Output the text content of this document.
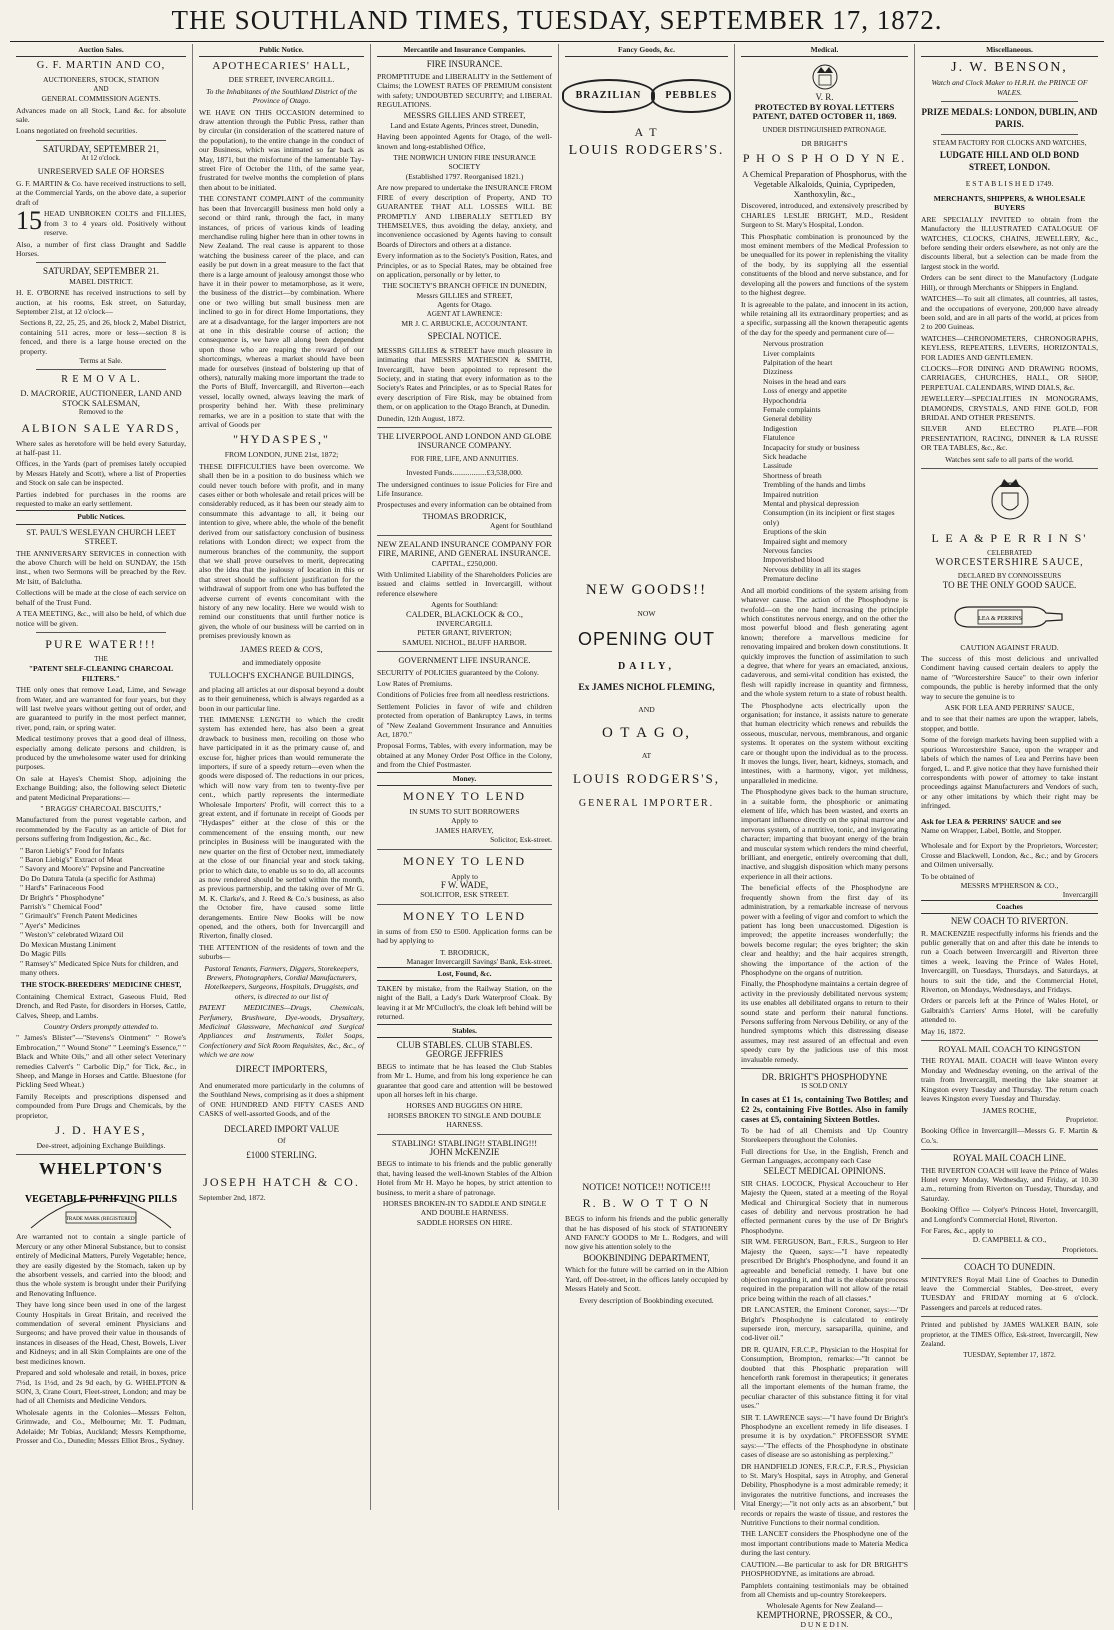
THE SOUTHLAND TIMES, TUESDAY, SEPTEMBER 17, 1872.
Auction Sales.
G. F. MARTIN AND CO,
AUCTIONEERS, STOCK, STATION
AND
GENERAL COMMISSION AGENTS.

Advances made on all Stock, Land &c. for absolute sale.

Loans negotiated on freehold securities.

SATURDAY, SEPTEMBER 21,
At 12 o'clock.
UNRESERVED SALE OF HORSES

G. F. MARTIN & Co. have received instructions to sell, at the Commercial Yards, on the above date, a superior draft of

15 HEAD UNBROKEN COLTS and FILLIES, from 3 to 4 years old. Positively without reserve.

Also, a number of first class Draught and Saddle Horses.

SATURDAY, SEPTEMBER 21.
MABEL DISTRICT.

H. E. O'BORNE has received instructions to sell by auction, at his rooms, Esk street, on Saturday, September 21st, at 12 o'clock—

Sections 8, 22, 25, 25, and 26, block 2, Mabel District, containing 511 acres, more or less—section 8 is fenced, and there is a large house erected on the property.

Terms at Sale.
R E M O V A L.
D. MACRORIE, AUCTIONEER, LAND AND STOCK SALESMAN,
Removed to the
ALBION SALE YARDS,

Where sales as heretofore will be held every Saturday, at half-past 11.

Offices, in the Yards (part of premises lately occupied by Messrs Hately and Scott), where a list of Properties and Stock on sale can be inspected.

Parties indebted for purchases in the rooms are requested to make an early settlement.

Public Notices.
ST. PAUL'S WESLEYAN CHURCH LEET STREET.

THE ANNIVERSARY SERVICES in connection with the above Church will be held on SUNDAY, the 15th inst., when two Sermons will be preached by the Rev. Mr Isitt, of Balclutha.

Collections will be made at the close of each service on behalf of the Trust Fund.

A TEA MEETING, &c., will also be held, of which due notice will be given.

PURE WATER!!!
THE
"PATENT SELF-CLEANING CHARCOAL FILTERS."

THE only ones that remove Lead, Lime, and Sewage from Water, and are warranted for four years, but they will last twelve years without getting out of order, and are guaranteed to purify in the most perfect manner, river, pond, rain, or spring water.

Medical testimony proves that a good deal of illness, especially among delicate persons and children, is produced by the unwholesome water used for drinking purposes.

On sale at Hayes's Chemist Shop, adjoining the Exchange Building; also, the following select Dietetic and patent Medicinal Preparations:—

" BRAGGS' CHARCOAL BISCUITS,"

Manufactured from the purest vegetable carbon, and recommended by the Faculty as an article of Diet for persons suffering from Indigestion, &c., &c.

" Baron Liebig's" Food for Infants
" Baron Liebig's" Extract of Meat
" Savory and Moore's" Pepsine and Pancreatine
Do Do Datura Tatula (a specific for Asthma)
" Hard's" Farinaceous Food
Dr Bright's " Phosphodyne"
Parrish's " Chemical Food"
" Grimault's" French Patent Medicines
" Ayer's" Medicines
" Weston's" celebrated Wizard Oil
Do Mexican Mustang Liniment
Do Magic Pills
" Ramsey's" Medicated Spice Nuts for children, and many others.
THE STOCK-BREEDERS' MEDICINE CHEST,

Containing Chemical Extract, Gaseous Fluid, Red Drench, and Red Paste, for disorders in Horses, Cattle, Calves, Sheep, and Lambs.

Country Orders promptly attended to.

" James's Blister"—"Stevens's Ointment" " Rowe's Embrocation," " Wound Stone" " Leeming's Essence," " Black and White Oils," and all other select Veterinary remedies Calvert's " Carbolic Dip," for Tick, &c., in Sheep, and Mange in Horses and Cattle. Bluestone (for Pickling Seed Wheat.)

Family Receipts and prescriptions dispensed and compounded from Pure Drugs and Chemicals, by the proprietor,

J. D. HAYES,
Dee-street, adjoining Exchange Buildings.
WHELPTON'S
VEGETABLE PURIFYING PILLS
TRADE MARK (REGISTERED)

Are warranted not to contain a single particle of Mercury or any other Mineral Substance, but to consist entirely of Medicinal Matters, Purely Vegetable; hence, they are easily digested by the Stomach, taken up by the absorbent vessels, and carried into the blood; and thus the whole system is brought under their Purifying and Renovating Influence.

They have long since been used in one of the largest County Hospitals in Great Britain, and received the commendation of several eminent Physicians and Surgeons; and have proved their value in thousands of instances in diseases of the Head, Chest, Bowels, Liver and Kidneys; and in all Skin Complaints are one of the best medicines known.

Prepared and sold wholesale and retail, in boxes, price 7½d, 1s 1½d, and 2s 9d each, by G. WHELPTON & SON, 3, Crane Court, Fleet-street, London; and may be had of all Chemists and Medicine Vendors.

Wholesale agents in the Colonies—Messrs Felton, Grimwade, and Co., Melbourne; Mr. T. Pudman, Adelaide; Mr Tobias, Auckland; Messrs Kempthorne, Prosser and Co., Dunedin; Messrs Elliot Bros., Sydney.

Public Notice.
APOTHECARIES' HALL,
DEE STREET, INVERCARGILL.

To the Inhabitants of the Southland District of the Province of Otago.

WE HAVE ON THIS OCCASION determined to draw attention through the Public Press, rather than by circular (in consideration of the scattered nature of the population), to the entire change in the conduct of our Business, which was intimated so far back as May, 1871, but the misfortune of the lamentable Tay-street Fire of October the 11th, of the same year, frustrated for twelve months the completion of plans then about to be initiated.

THE CONSTANT COMPLAINT of the community has been that Invercargill business men hold only a second or third rank, through the fact, in many instances, of prices of various kinds of leading merchandise ruling higher here than in other towns in New Zealand. The real cause is apparent to those watching the business career of the place, and can easily be put down in a great measure to the fact that there is a large amount of jealousy amongst those who have it in their power to metamorphose, as it were, the business of the district—by combination. Where one or two willing but small business men are inclined to go in for direct Home Importations, they are at a disadvantage, for the larger importers are not at one in this desirable course of action; the consequence is, we have all along been dependent upon those who are reaping the reward of our shortcomings, whereas a market should have been made for ourselves (instead of bolstering up that of others), naturally making more important the trade to the Ports of Bluff, Invercargill, and Riverton—each vessel, locally owned, always leaving the mark of prosperity behind her. With these preliminary remarks, we are in a position to state that with the arrival of Goods per

"HYDASPES,"
FROM LONDON, JUNE 21st, 1872;

THESE DIFFICULTIES have been overcome. We shall then be in a position to do business which we could never touch before with profit, and in many cases either or both wholesale and retail prices will be considerably reduced, as it has been our steady aim to consummate this advantage to all, it being our intention to give, where able, the whole of the benefit derived from our satisfactory conclusion of business relations with London direct; we expect from the numerous branches of the community, the support that we shall prove ourselves to merit, deprecating also the idea that the jealousy of location in this or that street should be sufficient justification for the withdrawal of support from one who has buffeted the adverse current of events concomitant with the history of any new locality. Here we would wish to remind our constituents that until further notice is given, the whole of our business will be carried on in premises previously known as

JAMES REED & CO'S,
and immediately opposite
TULLOCH'S EXCHANGE BUILDINGS,

and placing all articles at our disposal beyond a doubt as to their genuineness, which is always regarded as a boon in our particular line.

THE IMMENSE LENGTH to which the credit system has extended here, has also been a great drawback to business men, recoiling on those who have participated in it as the primary cause of, and excuse for, higher prices than would remunerate the importers, if sure of a speedy return—even when the goods were disposed of. The reductions in our prices, which will now vary from ten to twenty-five per cent., which partly represents the intermediate Wholesale Importers' Profit, will correct this to a great extent, and if fortunate in receipt of Goods per "Hydaspes" either at the close of this or the commencement of the ensuing month, our new principles in Business will be inaugurated with the new quarter on the first of October next, immediately at the close of our financial year and stock taking, prior to which date, to enable us so to do, all accounts as now rendered should be settled within the month, as previous partnership, and the taking over of Mr G. M. K. Clarke's, and J. Reed & Co.'s business, as also the October fire, have caused some little derangements. Entire New Books will be now opened, and the others, both for Invercargill and Riverton, finally closed.

THE ATTENTION of the residents of town and the suburbs—

Pastoral Tenants, Farmers, Diggers, Storekeepers, Brewers, Photographers, Cordial Manufacturers, Hotelkeepers, Surgeons, Hospitals, Druggists, and others, is directed to our list of

PATENT MEDICINES—Drugs, Chemicals, Perfumery, Brushware, Dye-woods, Drysaltery, Medicinal Glassware, Mechanical and Surgical Appliances and Instruments, Toilet Soaps, Confectionery and Sick Room Requisites, &c., &c., of which we are now

DIRECT IMPORTERS,

And enumerated more particularly in the columns of the Southland News, comprising as it does a shipment of ONE HUNDRED AND FIFTY CASES AND CASKS of well-assorted Goods, and of the

DECLARED IMPORT VALUE
Of
£1000 STERLING.
JOSEPH HATCH & CO.
September 2nd, 1872.
Mercantile and Insurance Companies.
FIRE INSURANCE.

PROMPTITUDE and LIBERALITY in the Settlement of Claims; the LOWEST RATES OF PREMIUM consistent with safety; UNDOUBTED SECURITY; and LIBERAL REGULATIONS.

MESSRS GILLIES AND STREET,
Land and Estate Agents, Princes street, Dunedin,

Having been appointed Agents for Otago, of the well-known and long-established Office,

THE NORWICH UNION FIRE INSURANCE SOCIETY
(Established 1797. Reorganised 1821.)

Are now prepared to undertake the INSURANCE FROM FIRE of every description of Property, AND TO GUARANTEE THAT ALL LOSSES WILL BE PROMPTLY AND LIBERALLY SETTLED BY THEMSELVES, thus avoiding the delay, anxiety, and inconvenience occasioned by Agents having to consult Boards of Directors and others at a distance.

Every information as to the Society's Position, Rates, and Principles, or as to Special Rates, may be obtained free on application, personally or by letter, to

THE SOCIETY'S BRANCH OFFICE IN DUNEDIN,
Messrs GILLIES and STREET,
Agents for Otago.
AGENT AT LAWRENCE:
MR J. C. ARBUCKLE, ACCOUNTANT.
SPECIAL NOTICE.

MESSRS GILLIES & STREET have much pleasure in intimating that MESSRS MATHESON & SMITH, Invercargill, have been appointed to represent the Society, and in stating that every information as to the Society's Rates and Principles, or as to Special Rates for every description of Fire Risk, may be obtained from them, or on application to the Otago Branch, at Dunedin.

Dunedin, 12th August, 1872.
THE LIVERPOOL AND LONDON AND GLOBE INSURANCE COMPANY.
FOR FIRE, LIFE, AND ANNUITIES.
Invested Funds..................£3,538,000.

The undersigned continues to issue Policies for Fire and Life Insurance.

Prospectuses and every information can be obtained from

THOMAS BRODRICK,
Agent for Southland
NEW ZEALAND INSURANCE COMPANY FOR FIRE, MARINE, AND GENERAL INSURANCE.
CAPITAL, £250,000.

With Unlimited Liability of the Shareholders Policies are issued and claims settled in Invercargill, without reference elsewhere

Agents for Southland:
CALDER, BLACKLOCK & CO.,
INVERCARGILL
PETER GRANT, RIVERTON;
SAMUEL NICHOL, BLUFF HARBOR.
GOVERNMENT LIFE INSURANCE.

SECURITY of POLICIES guaranteed by the Colony.

Low Rates of Premiums.

Conditions of Policies free from all needless restrictions.

Settlement Policies in favor of wife and children protected from operation of Bankruptcy Laws, in terms of "New Zealand Government Insurance and Annuities Act, 1870."

Proposal Forms, Tables, with every information, may be obtained at any Money Order Post Office in the Colony, and from the Chief Postmaster.

Money.
MONEY TO LEND
IN SUMS TO SUIT BORROWERS
Apply to
JAMES HARVEY,
Solicitor, Esk-street.
MONEY TO LEND
Apply to
F W. WADE,
SOLICITOR, ESK STREET.
MONEY TO LEND

in sums of from £50 to £500. Application forms can be had by applying to

T. BRODRICK,
Manager Invercargill Savings' Bank, Esk-street.
Lost, Found, &c.

TAKEN by mistake, from the Railway Station, on the night of the Ball, a Lady's Dark Waterproof Cloak. By leaving it at Mr M'Culloch's, the cloak left behind will be returned.

Stables.
CLUB STABLES. CLUB STABLES.
GEORGE JEFFRIES

BEGS to intimate that he has leased the Club Stables from Mr L. Hume, and from his long experience he can guarantee that good care and attention will be bestowed upon all horses left in his charge.

HORSES AND BUGGIES ON HIRE.
HORSES BROKEN TO SINGLE AND DOUBLE HARNESS.
STABLING! STABLING!! STABLING!!!
JOHN McKENZIE

BEGS to intimate to his friends and the public generally that, having leased the well-known Stables of the Albion Hotel from Mr H. Mayo he hopes, by strict attention to business, to merit a share of patronage.

HORSES BROKEN-IN TO SADDLE AND SINGLE AND DOUBLE HARNESS.
SADDLE HORSES ON HIRE.
Fancy Goods, &c.
BRAZILIAN	PEBBLES
A T
LOUIS RODGERS'S.
NEW GOODS!!
NOW
OPENING OUT
DAILY,
Ex JAMES NICHOL FLEMING,
AND
O T A G O,
AT
LOUIS RODGERS'S,
GENERAL IMPORTER.
NOTICE! NOTICE!! NOTICE!!!
R. B. W O T T O N

BEGS to inform his friends and the public generally that he has disposed of his stock of STATIONERY AND FANCY GOODS to Mr L. Rodgers, and will now give his attention solely to the

BOOKBINDING DEPARTMENT,

Which for the future will be carried on in the Albion Yard, off Dee-street, in the offices lately occupied by Messrs Hately and Scott.

Every description of Bookbinding executed.
Medical.
V. R.
PROTECTED BY ROYAL LETTERS PATENT, DATED OCTOBER 11, 1869.
UNDER DISTINGUISHED PATRONAGE.
DR BRIGHT'S
P H O S P H O D Y N E.

A Chemical Preparation of Phosphorus, with the Vegetable Alkaloids, Quinia, Cypripeden, Xanthoxylin, &c.,

Discovered, introduced, and extensively prescribed by CHARLES LESLIE BRIGHT, M.D., Resident Surgeon to St. Mary's Hospital, London.

This Phosphatic combination is pronounced by the most eminent members of the Medical Profession to be unequalled for its power in replenishing the vitality of the body, by its supplying all the essential constituents of the blood and nerve substance, and for developing all the powers and functions of the system to the highest degree.

It is agreeable to the palate, and innocent in its action, while retaining all its extraordinary properties; and as a specific, surpassing all the known therapeutic agents of the day for the speedy and permanent cure of—

Nervous prostration
Liver complaints
Palpitation of the heart
Dizziness
Noises in the head and ears
Loss of energy and appetite
Hypochondria
Female complaints
General debility
Indigestion
Flatulence
Incapacity for study or business
Sick headache
Lassitude
Shortness of breath
Trembling of the hands and limbs
Impaired nutrition
Mental and physical depression
Consumption (in its incipient or first stages only)
Eruptions of the skin
Impaired sight and memory
Nervous fancies
Impoverished blood
Nervous debility in all its stages
Premature decline

And all morbid conditions of the system arising from whatever cause. The action of the Phosphodyne is twofold—on the one hand increasing the principle which constitutes nervous energy, and on the other the most powerful blood and flesh generating agent known; therefore a marvellous medicine for renovating impaired and broken down constitutions. It quickly improves the function of assimilation to such a degree, that where for years an emaciated, anxious, cadaverous, and semi-vital condition has existed, the flesh will rapidly increase in quantity and firmness, and the whole system return to a state of robust health.

The Phosphodyne acts electrically upon the organisation; for instance, it assists nature to generate that human electricity which renews and rebuilds the osseous, muscular, nervous, membranous, and organic systems. It operates on the system without exciting care or thought upon the individual as to the process. It moves the lungs, liver, heart, kidneys, stomach, and intestines, with a harmony, vigor, yet mildness, unparalleled in medicine.

The Phosphodyne gives back to the human structure, in a suitable form, the phosphoric or animating element of life, which has been wasted, and exerts an important influence directly on the spinal marrow and nervous system, of a nutritive, tonic, and invigorating character; imparting that buoyant energy of the brain and muscular system which renders the mind cheerful, brilliant, and energetic, entirely overcoming that dull, inactive, and sluggish disposition which many persons experience in all their actions.

The beneficial effects of the Phosphodyne are frequently shown from the first day of its administration, by a remarkable increase of nervous power with a feeling of vigor and comfort to which the patient has long been unaccustomed. Digestion is improved; the appetite increases wonderfully; the bowels become regular; the eyes brighter; the skin clear and healthy; and the hair acquires strength, showing the importance of the action of the Phosphodyne on the organs of nutrition.

Finally, the Phosphodyne maintains a certain degree of activity in the previously debilitated nervous system; its use enables all debilitated organs to return to their sound state and perform their natural functions. Persons suffering from Nervous Debility, or any of the hundred symptoms which this distressing disease assumes, may rest assured of an effectual and even speedy cure by the judicious use of this most invaluable remedy.

DR. BRIGHT'S PHOSPHODYNE
IS SOLD ONLY

In cases at £1 1s, containing Two Bottles; and £2 2s, containing Five Bottles. Also in family cases at £5, containing Sixteen Bottles.

To be had of all Chemists and Up Country Storekeepers throughout the Colonies.

Full directions for Use, in the English, French and German Languages, accompany each Case

SELECT MEDICAL OPINIONS.

SIR CHAS. LOCOCK, Physical Accoucheur to Her Majesty the Queen, stated at a meeting of the Royal Medical and Chirurgical Society that in numerous cases of debility and nervous prostration he had effected permanent cures by the use of Dr Bright's Phosphodyne.

SIR WM. FERGUSON, Bart., F.R.S., Surgeon to Her Majesty the Queen, says:—"I have repeatedly prescribed Dr Bright's Phosphodyne, and found it an agreeable and beneficial remedy. I have but one objection regarding it, and that is the elaborate process required in the preparation will not allow of the retail price being within the reach of all classes."

DR LANCASTER, the Eminent Coroner, says:—"Dr Bright's Phosphodyne is calculated to entirely supersede iron, mercury, sarsaparilla, quinine, and cod-liver oil."

DR R. QUAIN, F.R.C.P., Physician to the Hospital for Consumption, Brompton, remarks:—"It cannot be doubted that this Phosphatic preparation will henceforth rank foremost in therapeutics; it generates all the important elements of the human frame, the peculiar character of this substance fitting it for vital uses."

SIR T. LAWRENCE says:—"I have found Dr Bright's Phosphodyne an excellent remedy in life diseases. I presume it is by oxydation." PROFESSOR SYME says:—"The effects of the Phosphodyne in obstinate cases of disease are so astonishing as perplexing."

DR HANDFIELD JONES, F.R.C.P., F.R.S., Physician to St. Mary's Hospital, says in Atrophy, and General Debility, Phosphodyne is a most admirable remedy; it invigorates the nutritive functions, and increases the Vital Energy;—"it not only acts as an absorbent," but records or repairs the waste of tissue, and restores the Nutritive Functions to their normal condition.

THE LANCET considers the Phosphodyne one of the most important contributions made to Materia Medica during the last century.

CAUTION.—Be particular to ask for DR BRIGHT'S PHOSPHODYNE, as imitations are abroad.

Pamphlets containing testimonials may be obtained from all Chemists and up-country Storekeepers.

Wholesale Agents for New Zealand—
KEMPTHORNE, PROSSER, & CO.,
D U N E D I N.
Miscellaneous.
J. W. BENSON,
Watch and Clock Maker to H.R.H. the PRINCE OF WALES.
PRIZE MEDALS: LONDON, DUBLIN, AND PARIS.
STEAM FACTORY FOR CLOCKS AND WATCHES,
LUDGATE HILL AND OLD BOND STREET, LONDON.
E S T A B L I S H E D 1749.
MERCHANTS, SHIPPERS, & WHOLESALE BUYERS

ARE SPECIALLY INVITED to obtain from the Manufactory the ILLUSTRATED CATALOGUE OF WATCHES, CLOCKS, CHAINS, JEWELLERY, &c., before sending their orders elsewhere, as not only are the discounts liberal, but a selection can be made from the largest stock in the world.

Orders can be sent direct to the Manufactory (Ludgate Hill), or through Merchants or Shippers in England.

WATCHES—To suit all climates, all countries, all tastes, and the occupations of everyone, 200,000 have already been sold, and are in all parts of the world, at prices from 2 to 200 Guineas.

WATCHES—CHRONOMETERS, CHRONOGRAPHS, KEYLESS, REPEATERS, LEVERS, HORIZONTALS, FOR LADIES AND GENTLEMEN.

CLOCKS—FOR DINING AND DRAWING ROOMS, CARRIAGES, CHURCHES, HALL, OR SHOP, PERPETUAL CALENDARS, WIND DIALS, &c.

JEWELLERY—SPECIALITIES IN MONOGRAMS, DIAMONDS, CRYSTALS, AND FINE GOLD, FOR BRIDAL AND OTHER PRESENTS.

SILVER AND ELECTRO PLATE—FOR PRESENTATION, RACING, DINNER & LA RUSSE OR TEA TABLES, &c., &c.

Watches sent safe to all parts of the world.
L E A & P E R R I N S'
CELEBRATED
WORCESTERSHIRE SAUCE,
DECLARED BY CONNOISSEURS
TO BE THE ONLY GOOD SAUCE.
LEA & PERRINS
CAUTION AGAINST FRAUD.

The success of this most delicious and unrivalled Condiment having caused certain dealers to apply the name of "Worcestershire Sauce" to their own inferior compounds, the public is hereby informed that the only way to secure the genuine is to

ASK FOR LEA AND PERRINS' SAUCE,

and to see that their names are upon the wrapper, labels, stopper, and bottle.

Some of the foreign markets having been supplied with a spurious Worcestershire Sauce, upon the wrapper and labels of which the names of Lea and Perrins have been forged, L. and P. give notice that they have furnished their correspondents with power of attorney to take instant proceedings against Manufacturers and Vendors of such, or any other imitations by which their right may be infringed.

Ask for LEA & PERRINS' SAUCE and see
Name on Wrapper, Label, Bottle, and Stopper.

Wholesale and for Export by the Proprietors, Worcester; Crosse and Blackwell, London, &c., &c.; and by Grocers and Oilmen universally.

To be obtained of
MESSRS M'PHERSON & CO.,
Invercargill
Coaches
NEW COACH TO RIVERTON.

R. MACKENZIE respectfully informs his friends and the public generally that on and after this date he intends to run a Coach between Invercargill and Riverton three times a week, leaving the Prince of Wales Hotel, Invercargill, on Tuesdays, Thursdays, and Saturdays, at hours to suit the tide, and the Commercial Hotel, Riverton, on Mondays, Wednesdays, and Fridays.

Orders or parcels left at the Prince of Wales Hotel, or Galbraith's Carriers' Arms Hotel, will be carefully attended to.

May 16, 1872.
ROYAL MAIL COACH TO KINGSTON

THE ROYAL MAIL COACH will leave Winton every Monday and Wednesday evening, on the arrival of the train from Invercargill, meeting the lake steamer at Kingston every Tuesday and Thursday. The return coach leaves Kingston every Tuesday and Thursday.

JAMES ROCHE,
Proprietor.

Booking Office in Invercargill—Messrs G. F. Martin & Co.'s.

ROYAL MAIL COACH LINE.

THE RIVERTON COACH will leave the Prince of Wales Hotel every Monday, Wednesday, and Friday, at 10.30 a.m., returning from Riverton on Tuesday, Thursday, and Saturday.

Booking Office — Colyer's Princess Hotel, Invercargill, and Longford's Commercial Hotel, Riverton.

For Fares, &c., apply to
D. CAMPBELL & CO.,
Proprietors.
COACH TO DUNEDIN.

M'INTYRE'S Royal Mail Line of Coaches to Dunedin leave the Commercial Stables, Dee-street, every TUESDAY and FRIDAY morning at 6 o'clock. Passengers and parcels at reduced rates.

Printed and published by JAMES WALKER BAIN, sole proprietor, at the TIMES Office, Esk-street, Invercargill, New Zealand.

TUESDAY, September 17, 1872.
